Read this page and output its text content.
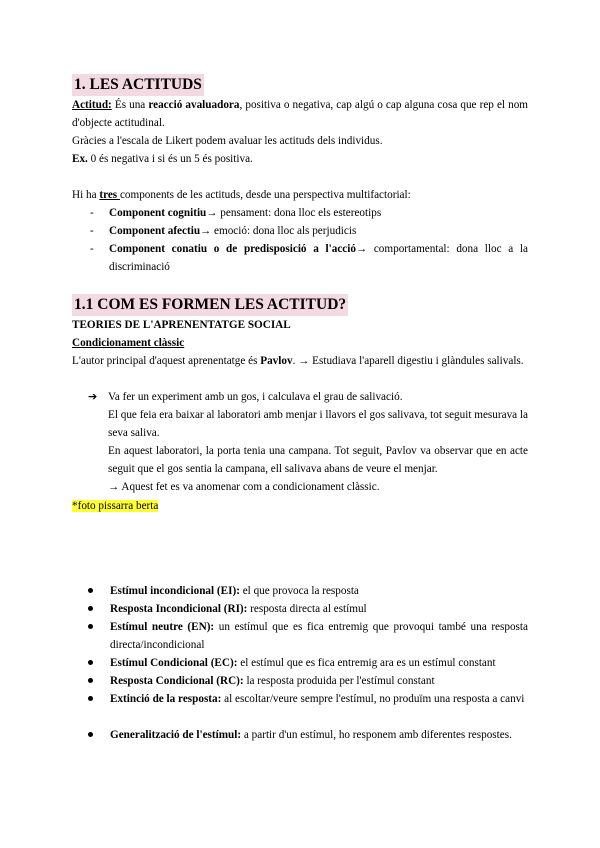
1. LES ACTITUDS
Actitud: És una reacció avaluadora, positiva o negativa, cap algú o cap alguna cosa que rep el nom d'objecte actitudinal.
Gràcies a l'escala de Likert podem avaluar les actituds dels individus.
Ex. 0 és negativa i si és un 5 és positiva.
Hi ha tres components de les actituds, desde una perspectiva multifactorial:
-	Component cognitiu→ pensament: dona lloc els estereotips
-	Component afectiu→ emoció: dona lloc als perjudicis
-	Component conatiu o de predisposició a l'acció→ comportamental: dona lloc a la discriminació
1.1 COM ES FORMEN LES ACTITUD?
TEORIES DE L'APRENENTATGE SOCIAL
Condicionament clàssic
L'autor principal d'aquest aprenentatge és Pavlov. → Estudiava l'aparell digestiu i glàndules salivals.
➔ Va fer un experiment amb un gos, i calculava el grau de salivació.
El que feia era baixar al laboratori amb menjar i llavors el gos salivava, tot seguit mesurava la seva saliva.
En aquest laboratori, la porta tenia una campana. Tot seguit, Pavlov va observar que en acte seguit que el gos sentia la campana, ell salivava abans de veure el menjar.
→ Aquest fet es va anomenar com a condicionament clàssic.
*foto pissarra berta
Estímul incondicional (EI): el que provoca la resposta
Resposta Incondicional (RI): resposta directa al estímul
Estímul neutre (EN): un estímul que es fica entremig que provoqui també una resposta directa/incondicional
Estímul Condicional (EC): el estímul que es fica entremig ara es un estímul constant
Resposta Condicional (RC): la resposta produida per l'estímul constant
Extinció de la resposta: al escoltar/veure sempre l'estímul, no produïm una resposta a canvi
Generalització de l'estímul: a partir d'un estímul, ho responem amb diferentes respostes.
